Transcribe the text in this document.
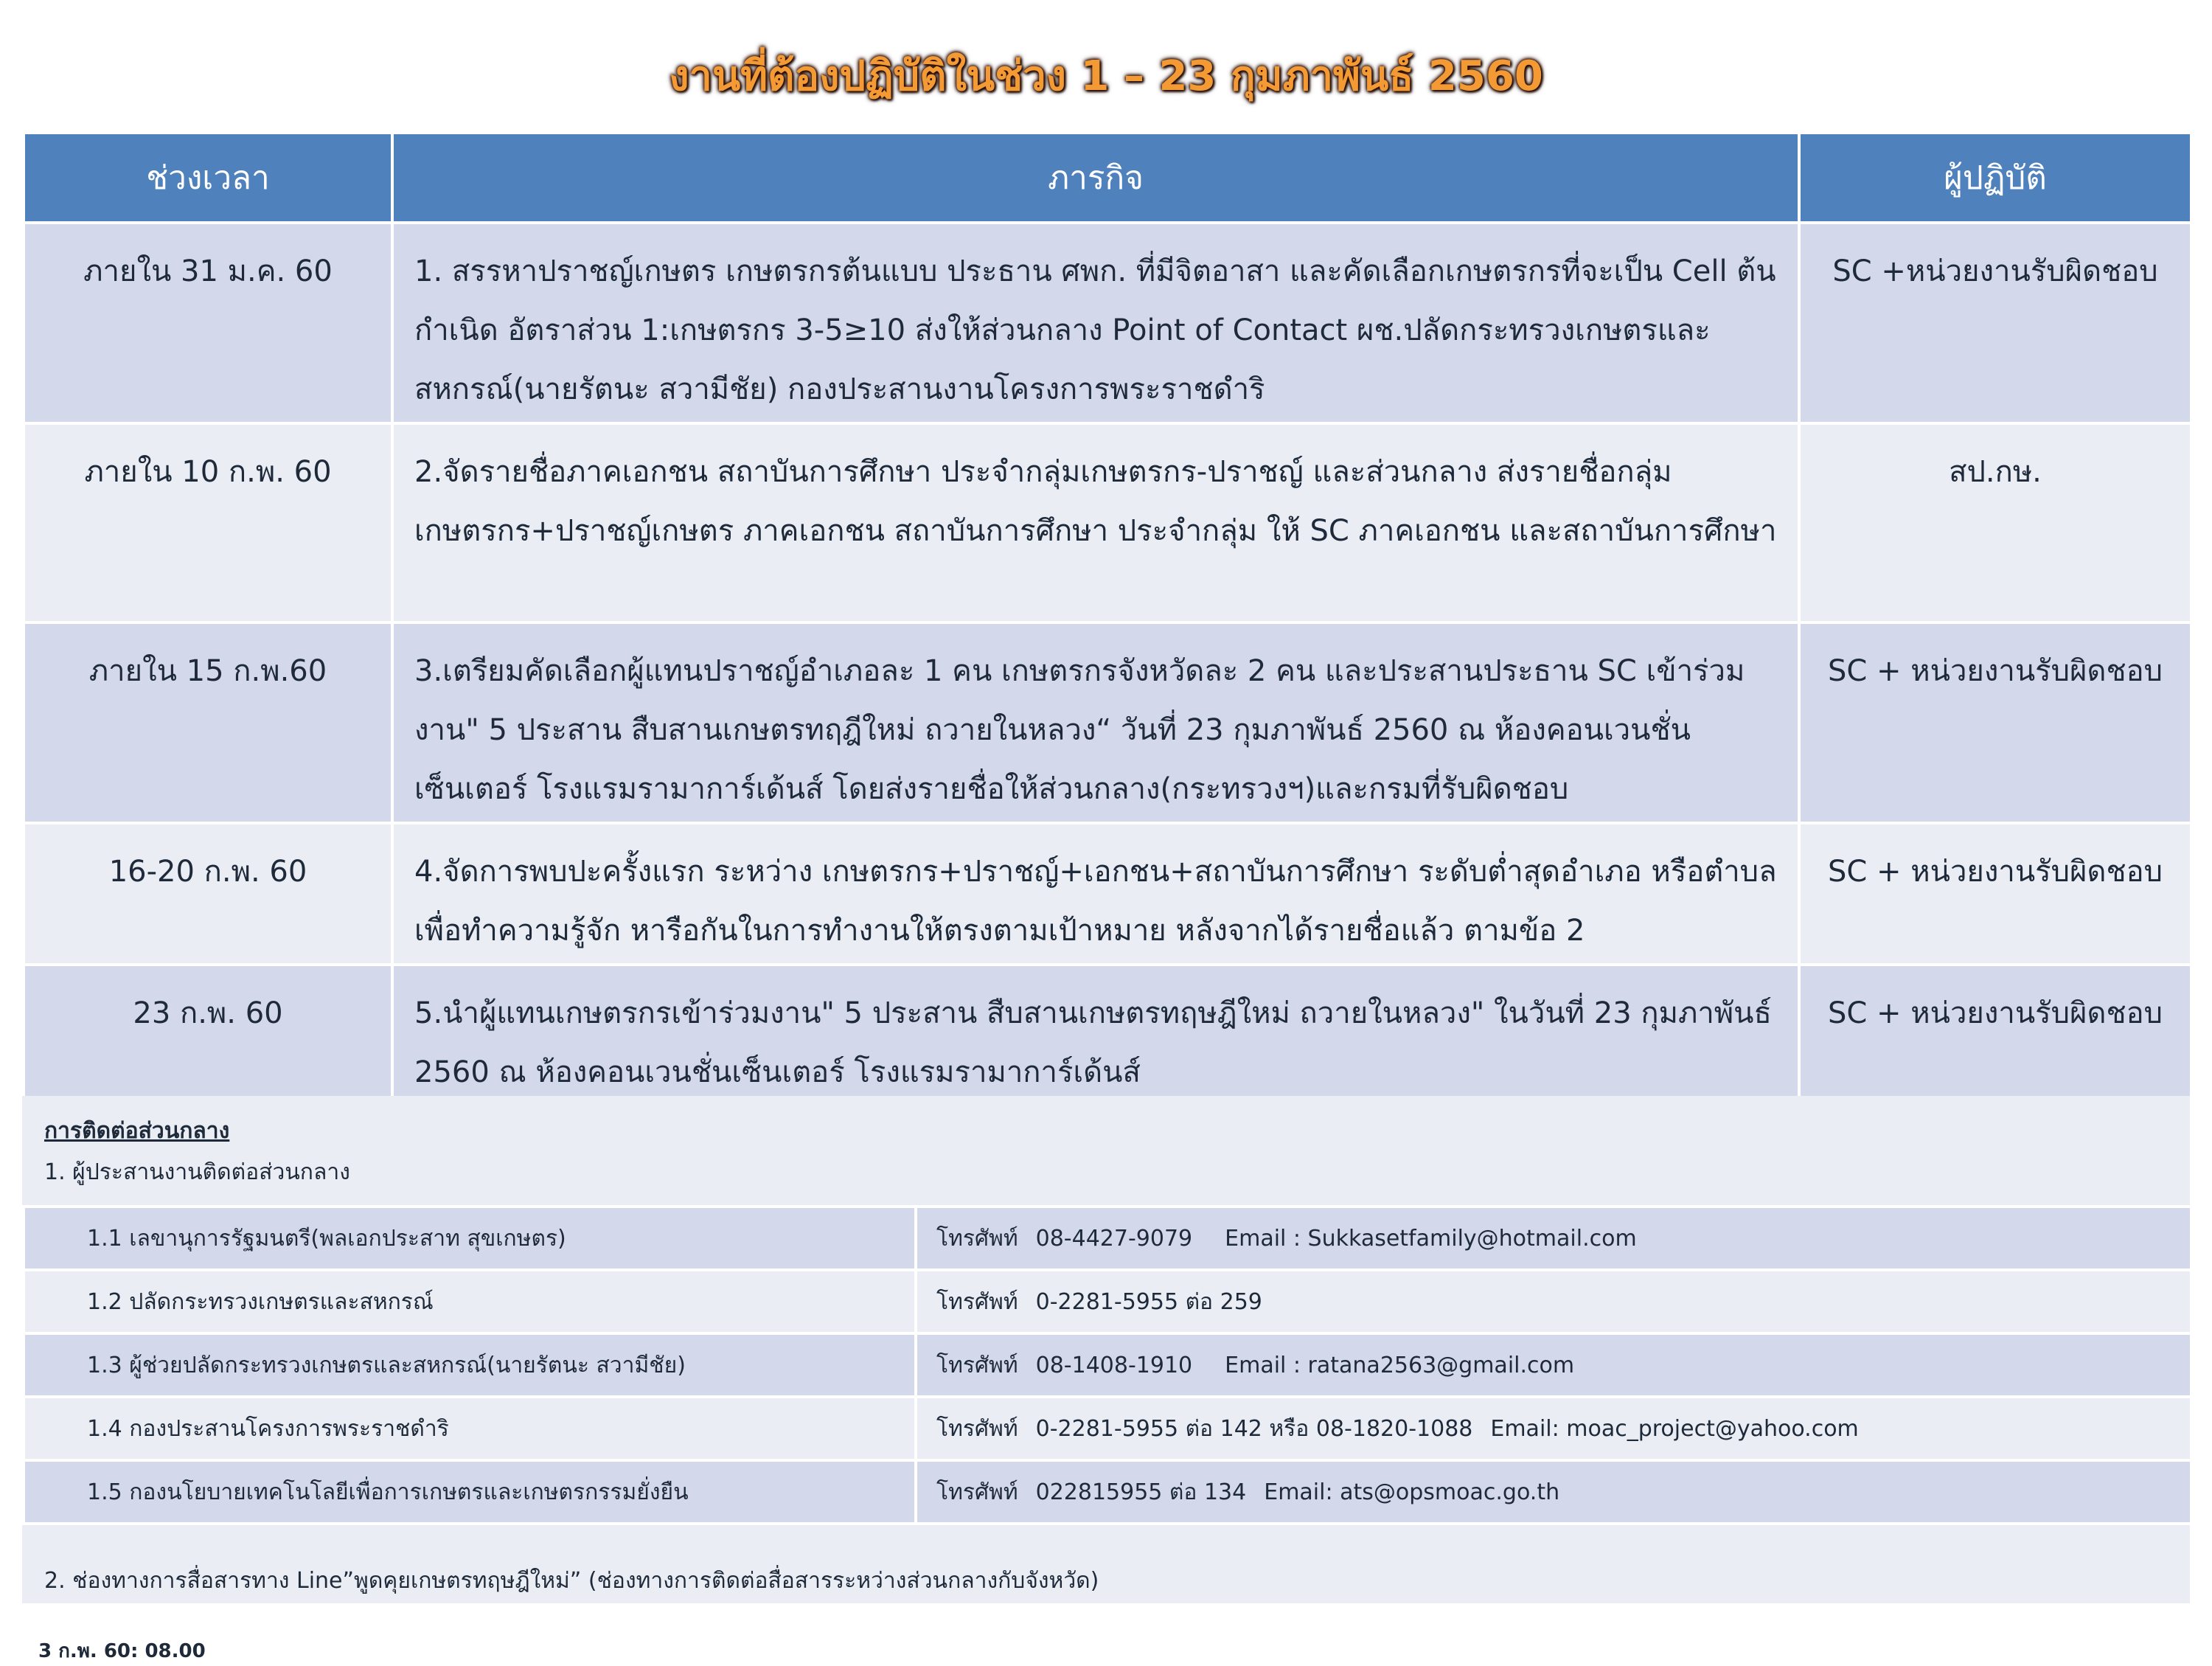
งานที่ต้องปฏิบัติในช่วง 1 – 23 กุมภาพันธ์ 2560
ช่วงเวลา	ภารกิจ	ผู้ปฏิบัติ
ภายใน 31 ม.ค. 60	1. สรรหาปราชญ์เกษตร เกษตรกรต้นแบบ ประธาน ศพก. ที่มีจิตอาสา และคัดเลือกเกษตรกรที่จะเป็น Cell ต้นกำเนิด อัตราส่วน 1:เกษตรกร 3-5≥10 ส่งให้ส่วนกลาง Point of Contact ผช.ปลัดกระทรวงเกษตรและสหกรณ์(นายรัตนะ สวามีชัย) กองประสานงานโครงการพระราชดำริ	SC +หน่วยงานรับผิดชอบ
ภายใน 10 ก.พ. 60	2.จัดรายชื่อภาคเอกชน สถาบันการศึกษา ประจำกลุ่มเกษตรกร-ปราชญ์ และส่วนกลาง ส่งรายชื่อกลุ่มเกษตรกร+ปราชญ์เกษตร ภาคเอกชน สถาบันการศึกษา ประจำกลุ่ม ให้ SC ภาคเอกชน และสถาบันการศึกษา	สป.กษ.
ภายใน 15 ก.พ.60	3.เตรียมคัดเลือกผู้แทนปราชญ์อำเภอละ 1 คน เกษตรกรจังหวัดละ 2 คน และประสานประธาน SC เข้าร่วมงาน" 5 ประสาน สืบสานเกษตรทฤฎีใหม่ ถวายในหลวง“ วันที่ 23 กุมภาพันธ์ 2560 ณ ห้องคอนเวนชั่นเซ็นเตอร์ โรงแรมรามาการ์เด้นส์ โดยส่งรายชื่อให้ส่วนกลาง(กระทรวงฯ)และกรมที่รับผิดชอบ	SC + หน่วยงานรับผิดชอบ
16-20 ก.พ. 60	4.จัดการพบปะครั้งแรก ระหว่าง เกษตรกร+ปราชญ์+เอกชน+สถาบันการศึกษา ระดับต่ำสุดอำเภอ หรือตำบล เพื่อทำความรู้จัก หารือกันในการทำงานให้ตรงตามเป้าหมาย หลังจากได้รายชื่อแล้ว ตามข้อ 2	SC + หน่วยงานรับผิดชอบ
23 ก.พ. 60	5.นำผู้แทนเกษตรกรเข้าร่วมงาน" 5 ประสาน สืบสานเกษตรทฤษฎีใหม่ ถวายในหลวง" ในวันที่ 23 กุมภาพันธ์ 2560 ณ ห้องคอนเวนชั่นเซ็นเตอร์ โรงแรมรามาการ์เด้นส์	SC + หน่วยงานรับผิดชอบ
การติดต่อส่วนกลาง
1. ผู้ประสานงานติดต่อส่วนกลาง
1.1 เลขานุการรัฐมนตรี(พลเอกประสาท สุขเกษตร)	โทรศัพท์ 08-4427-9079 Email : Sukkasetfamily@hotmail.com
1.2 ปลัดกระทรวงเกษตรและสหกรณ์	โทรศัพท์ 0-2281-5955 ต่อ 259
1.3 ผู้ช่วยปลัดกระทรวงเกษตรและสหกรณ์(นายรัตนะ สวามีชัย)	โทรศัพท์ 08-1408-1910 Email : ratana2563@gmail.com
1.4 กองประสานโครงการพระราชดำริ	โทรศัพท์ 0-2281-5955 ต่อ 142 หรือ 08-1820-1088 Email: moac_project@yahoo.com
1.5 กองนโยบายเทคโนโลยีเพื่อการเกษตรและเกษตรกรรมยั่งยืน	โทรศัพท์ 022815955 ต่อ 134 Email: ats@opsmoac.go.th
2. ช่องทางการสื่อสารทาง Line”พูดคุยเกษตรทฤษฎีใหม่” (ช่องทางการติดต่อสื่อสารระหว่างส่วนกลางกับจังหวัด)
3 ก.พ. 60: 08.00
